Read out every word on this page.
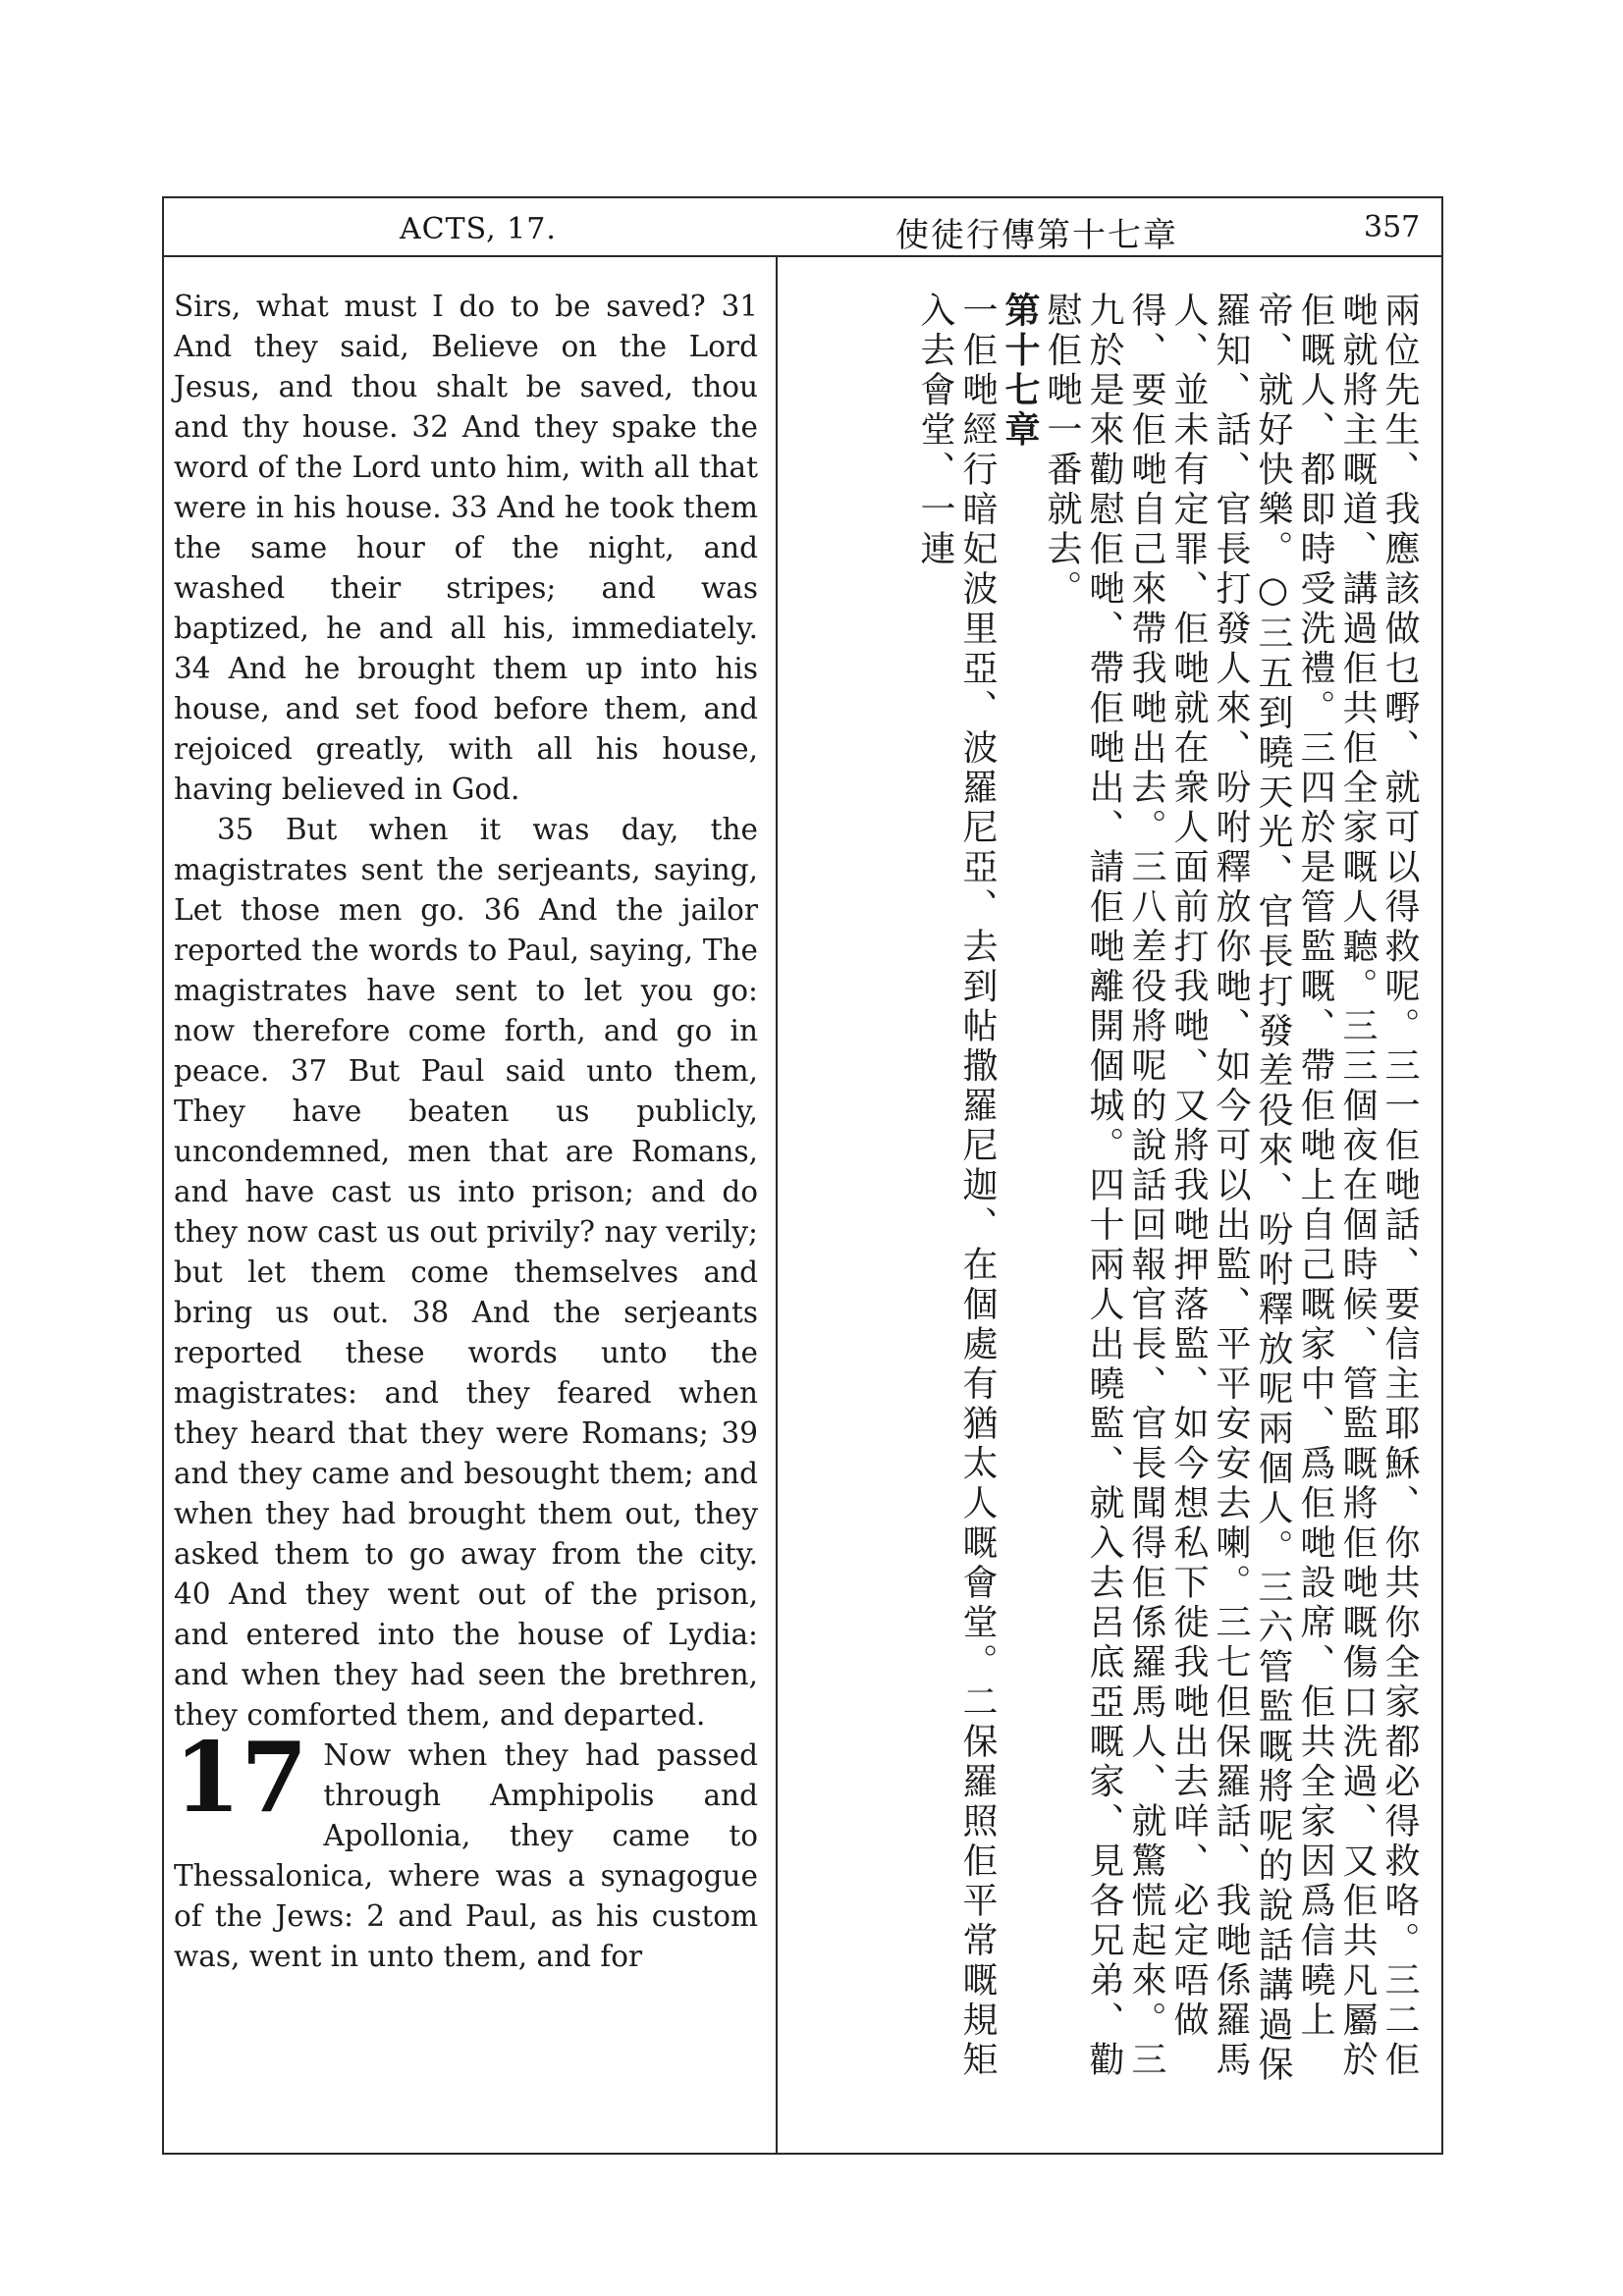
ACTS, 17.	使徒行傳第十七章	357

Sirs, what must I do to be saved? 31 And they said, Believe on the Lord Jesus, and thou shalt be saved, thou and thy house. 32 And they spake the word of the Lord unto him, with all that were in his house. 33 And he took them the same hour of the night, and washed their stripes; and was baptized, he and all his, immediately. 34 And he brought them up into his house, and set food before them, and rejoiced greatly, with all his house, having believed in God.

35 But when it was day, the magistrates sent the serjeants, saying, Let those men go. 36 And the jailor reported the words to Paul, saying, The magistrates have sent to let you go: now therefore come forth, and go in peace. 37 But Paul said unto them, They have beaten us publicly, uncondemned, men that are Romans, and have cast us into prison; and do they now cast us out privily? nay verily; but let them come themselves and bring us out. 38 And the serjeants reported these words unto the magistrates: and they feared when they heard that they were Romans; 39 and they came and besought them; and when they had brought them out, they asked them to go away from the city. 40 And they went out of the prison, and entered into the house of Lydia: and when they had seen the brethren, they comforted them, and departed.

17 Now when they had passed through Amphipolis and Apollonia, they came to Thessalonica, where was a synagogue of the Jews: 2 and Paul, as his custom was, went in unto them, and for	兩位先生、我應該做乜嘢、就可以得救呢。三一佢哋話、要信主耶穌、你共你全家都必得救咯。三二佢哋就將主嘅道、講過佢共佢全家嘅人聽。三三個夜在個時候、管監嘅將佢哋嘅傷口洗過、又佢共凡屬於佢嘅人、都即時受洗禮。三四於是管監嘅、帶佢哋上自己嘅家中、爲佢哋設席、佢共全家因爲信曉上帝、就好快樂。○三五到曉天光、官長打發差役來、吩咐釋放呢兩個人。三六管監嘅將呢的說話講過保羅知、話、官長打發人來、吩咐釋放你哋、如今可以出監、平平安安去喇。三七但保羅話、我哋係羅馬人、並未有定罪、佢哋就在衆人面前打我哋、又將我哋押落監、如今想私下徙我哋出去咩、必定唔做得、要佢哋自己來帶我哋出去。三八差役將呢的說話回報官長、官長聞得佢係羅馬人、就驚慌起來。三九於是來勸慰佢哋、帶佢哋出、請佢哋離開個城。四十兩人出曉監、就入去呂底亞嘅家、見各兄弟、勸慰佢哋一番就去。

第十七章

一佢哋經行暗妃波里亞、波羅尼亞、去到帖撒羅尼迦、在個處有猶太人嘅會堂。二保羅照佢平常嘅規矩入去會堂、一連
